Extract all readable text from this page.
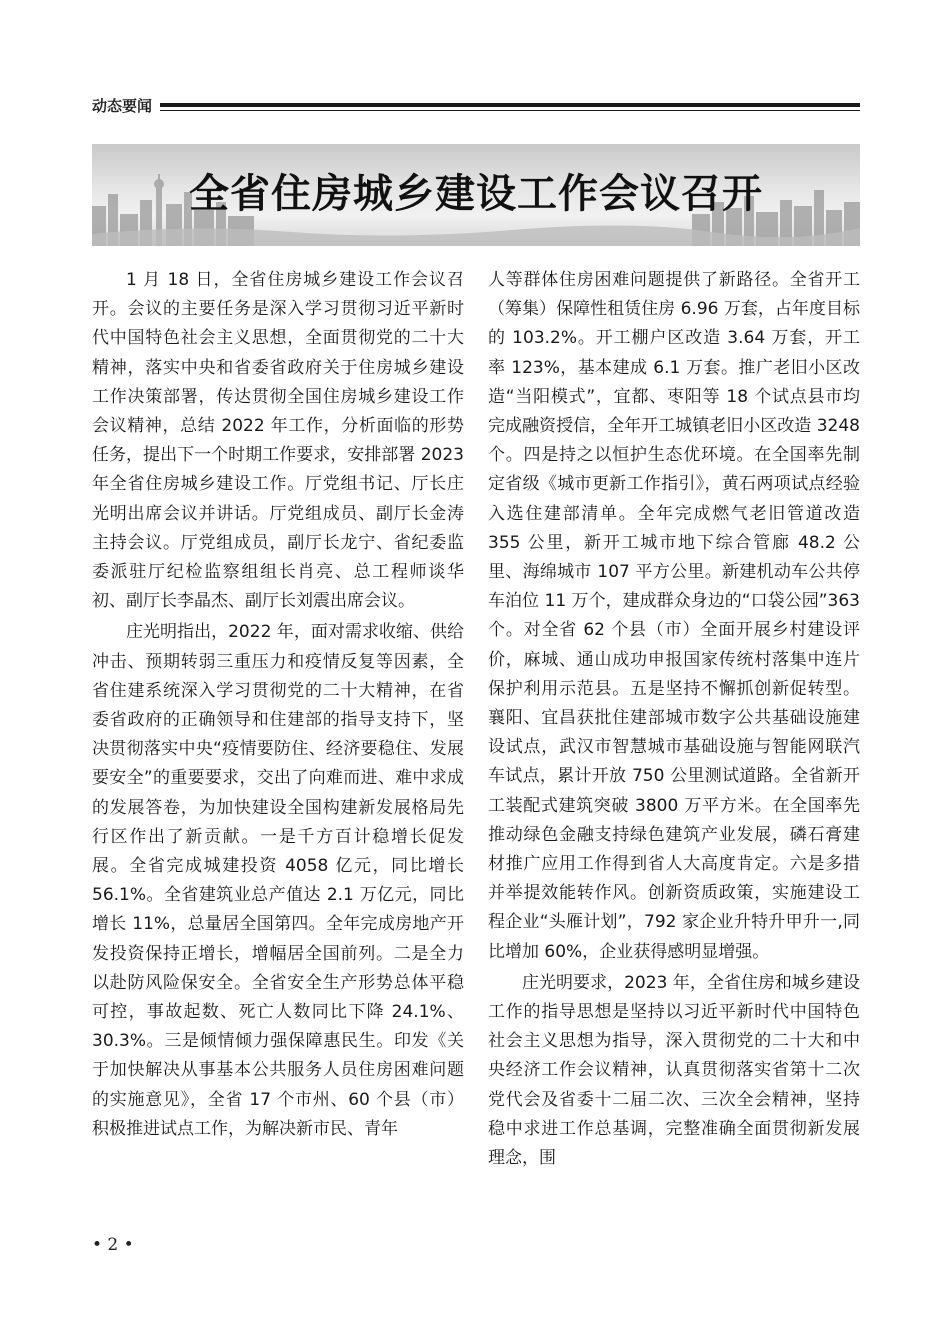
动态要闻
全省住房城乡建设工作会议召开

1 月 18 日，全省住房城乡建设工作会议召开。会议的主要任务是深入学习贯彻习近平新时代中国特色社会主义思想，全面贯彻党的二十大精神，落实中央和省委省政府关于住房城乡建设工作决策部署，传达贯彻全国住房城乡建设工作会议精神，总结 2022 年工作，分析面临的形势任务，提出下一个时期工作要求，安排部署 2023 年全省住房城乡建设工作。厅党组书记、厅长庄光明出席会议并讲话。厅党组成员、副厅长金涛主持会议。厅党组成员，副厅长龙宁、省纪委监委派驻厅纪检监察组组长肖亮、总工程师谈华初、副厅长李晶杰、副厅长刘震出席会议。

庄光明指出，2022 年，面对需求收缩、供给冲击、预期转弱三重压力和疫情反复等因素，全省住建系统深入学习贯彻党的二十大精神，在省委省政府的正确领导和住建部的指导支持下，坚决贯彻落实中央“疫情要防住、经济要稳住、发展要安全”的重要要求，交出了向难而进、难中求成的发展答卷，为加快建设全国构建新发展格局先行区作出了新贡献。一是千方百计稳增长促发展。全省完成城建投资 4058 亿元，同比增长 56.1%。全省建筑业总产值达 2.1 万亿元，同比增长 11%，总量居全国第四。全年完成房地产开发投资保持正增长，增幅居全国前列。二是全力以赴防风险保安全。全省安全生产形势总体平稳可控，事故起数、死亡人数同比下降 24.1%、30.3%。三是倾情倾力强保障惠民生。印发《关于加快解决从事基本公共服务人员住房困难问题的实施意见》，全省 17 个市州、60 个县（市）积极推进试点工作，为解决新市民、青年

人等群体住房困难问题提供了新路径。全省开工（筹集）保障性租赁住房 6.96 万套，占年度目标的 103.2%。开工棚户区改造 3.64 万套，开工率 123%，基本建成 6.1 万套。推广老旧小区改造“当阳模式”，宜都、枣阳等 18 个试点县市均完成融资授信，全年开工城镇老旧小区改造 3248 个。四是持之以恒护生态优环境。在全国率先制定省级《城市更新工作指引》，黄石两项试点经验入选住建部清单。全年完成燃气老旧管道改造 355 公里，新开工城市地下综合管廊 48.2 公里、海绵城市 107 平方公里。新建机动车公共停车泊位 11 万个，建成群众身边的“口袋公园”363 个。对全省 62 个县（市）全面开展乡村建设评价，麻城、通山成功申报国家传统村落集中连片保护利用示范县。五是坚持不懈抓创新促转型。襄阳、宜昌获批住建部城市数字公共基础设施建设试点，武汉市智慧城市基础设施与智能网联汽车试点，累计开放 750 公里测试道路。全省新开工装配式建筑突破 3800 万平方米。在全国率先推动绿色金融支持绿色建筑产业发展，磷石膏建材推广应用工作得到省人大高度肯定。六是多措并举提效能转作风。创新资质政策，实施建设工程企业“头雁计划”，792 家企业升特升甲升一,同比增加 60%，企业获得感明显增强。

庄光明要求，2023 年，全省住房和城乡建设工作的指导思想是坚持以习近平新时代中国特色社会主义思想为指导，深入贯彻党的二十大和中央经济工作会议精神，认真贯彻落实省第十二次党代会及省委十二届二次、三次全会精神，坚持稳中求进工作总基调，完整准确全面贯彻新发展理念，围

• 2 •
